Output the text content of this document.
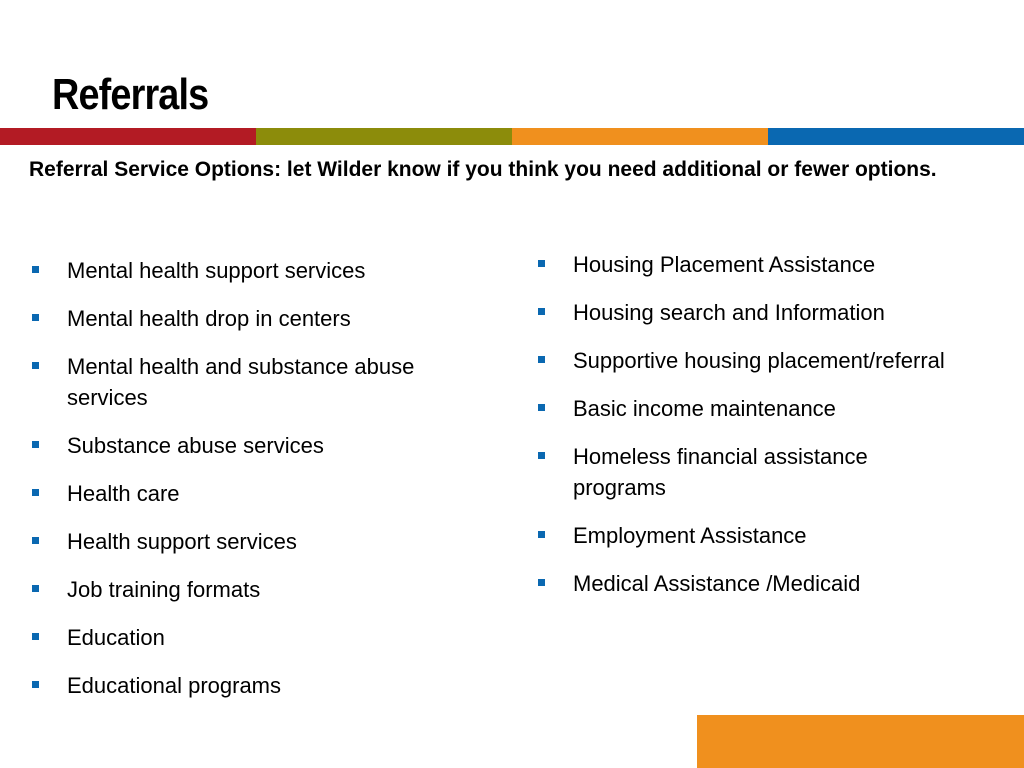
Referrals

Referral Service Options: let Wilder know if you think you need additional or fewer options.

Mental health support services
Mental health drop in centers
Mental health and substance abuse services
Substance abuse services
Health care
Health support services
Job training formats
Education
Educational programs
Housing Placement Assistance
Housing search and Information
Supportive housing placement/referral
Basic income maintenance
Homeless financial assistance programs
Employment Assistance
Medical Assistance /Medicaid
